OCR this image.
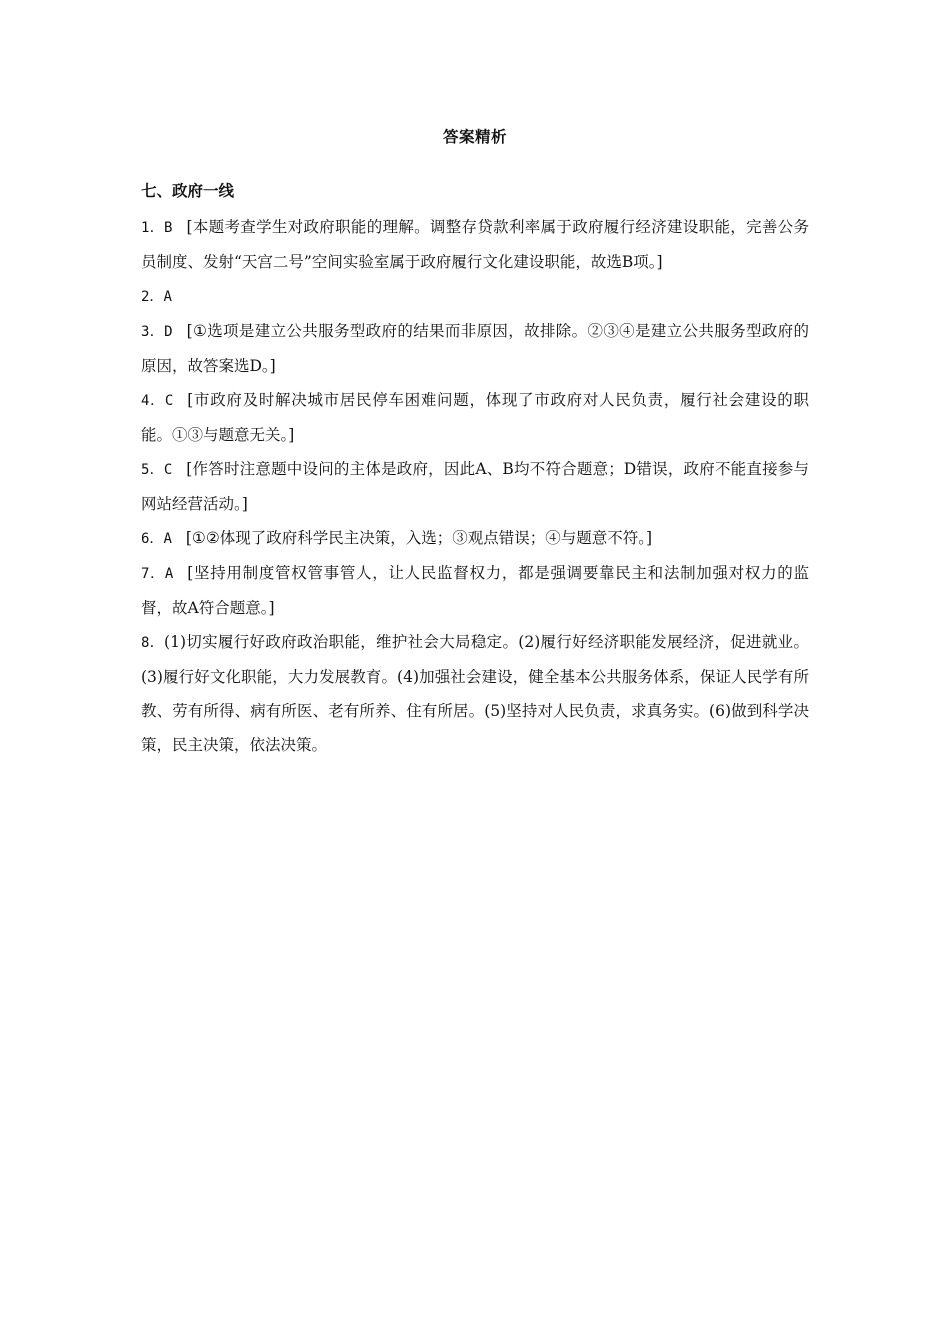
答案精析
七、政府一线

1．B [本题考查学生对政府职能的理解。调整存贷款利率属于政府履行经济建设职能，完善公务员制度、发射“天宫二号”空间实验室属于政府履行文化建设职能，故选B项。]

2．A

3．D [①选项是建立公共服务型政府的结果而非原因，故排除。②③④是建立公共服务型政府的原因，故答案选D。]

4．C [市政府及时解决城市居民停车困难问题，体现了市政府对人民负责，履行社会建设的职能。①③与题意无关。]

5．C [作答时注意题中设问的主体是政府，因此A、B均不符合题意；D错误，政府不能直接参与网站经营活动。]

6．A [①②体现了政府科学民主决策，入选；③观点错误；④与题意不符。]

7．A [坚持用制度管权管事管人，让人民监督权力，都是强调要靠民主和法制加强对权力的监督，故A符合题意。]

8．(1)切实履行好政府政治职能，维护社会大局稳定。(2)履行好经济职能发展经济，促进就业。(3)履行好文化职能，大力发展教育。(4)加强社会建设，健全基本公共服务体系，保证人民学有所教、劳有所得、病有所医、老有所养、住有所居。(5)坚持对人民负责，求真务实。(6)做到科学决策，民主决策，依法决策。
